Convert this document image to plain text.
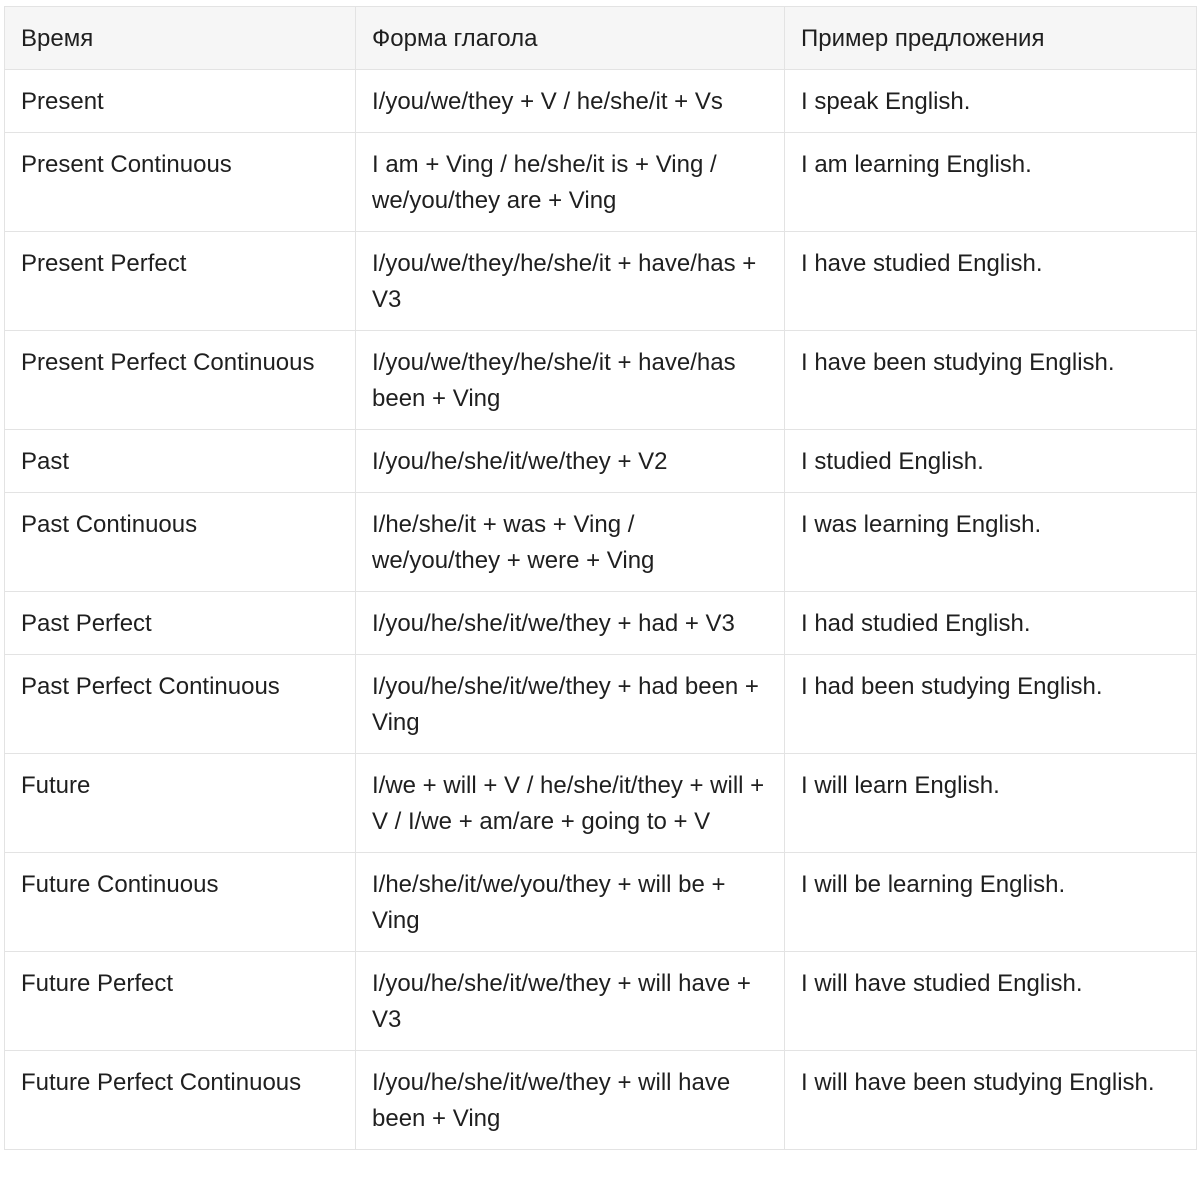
Время	Форма глагола	Пример предложения
Present	I/you/we/they + V / he/she/it + Vs	I speak English.
Present Continuous	I am + Ving / he/she/it is + Ving / we/you/they are + Ving	I am learning English.
Present Perfect	I/you/we/they/he/she/it + have/has + V3	I have studied English.
Present Perfect Continuous	I/you/we/they/he/she/it + have/has been + Ving	I have been studying English.
Past	I/you/he/she/it/we/they + V2	I studied English.
Past Continuous	I/he/she/it + was + Ving / we/you/they + were + Ving	I was learning English.
Past Perfect	I/you/he/she/it/we/they + had + V3	I had studied English.
Past Perfect Continuous	I/you/he/she/it/we/they + had been + Ving	I had been studying English.
Future	I/we + will + V / he/she/it/they + will + V / I/we + am/are + going to + V	I will learn English.
Future Continuous	I/he/she/it/we/you/they + will be + Ving	I will be learning English.
Future Perfect	I/you/he/she/it/we/they + will have + V3	I will have studied English.
Future Perfect Continuous	I/you/he/she/it/we/they + will have been + Ving	I will have been studying English.
